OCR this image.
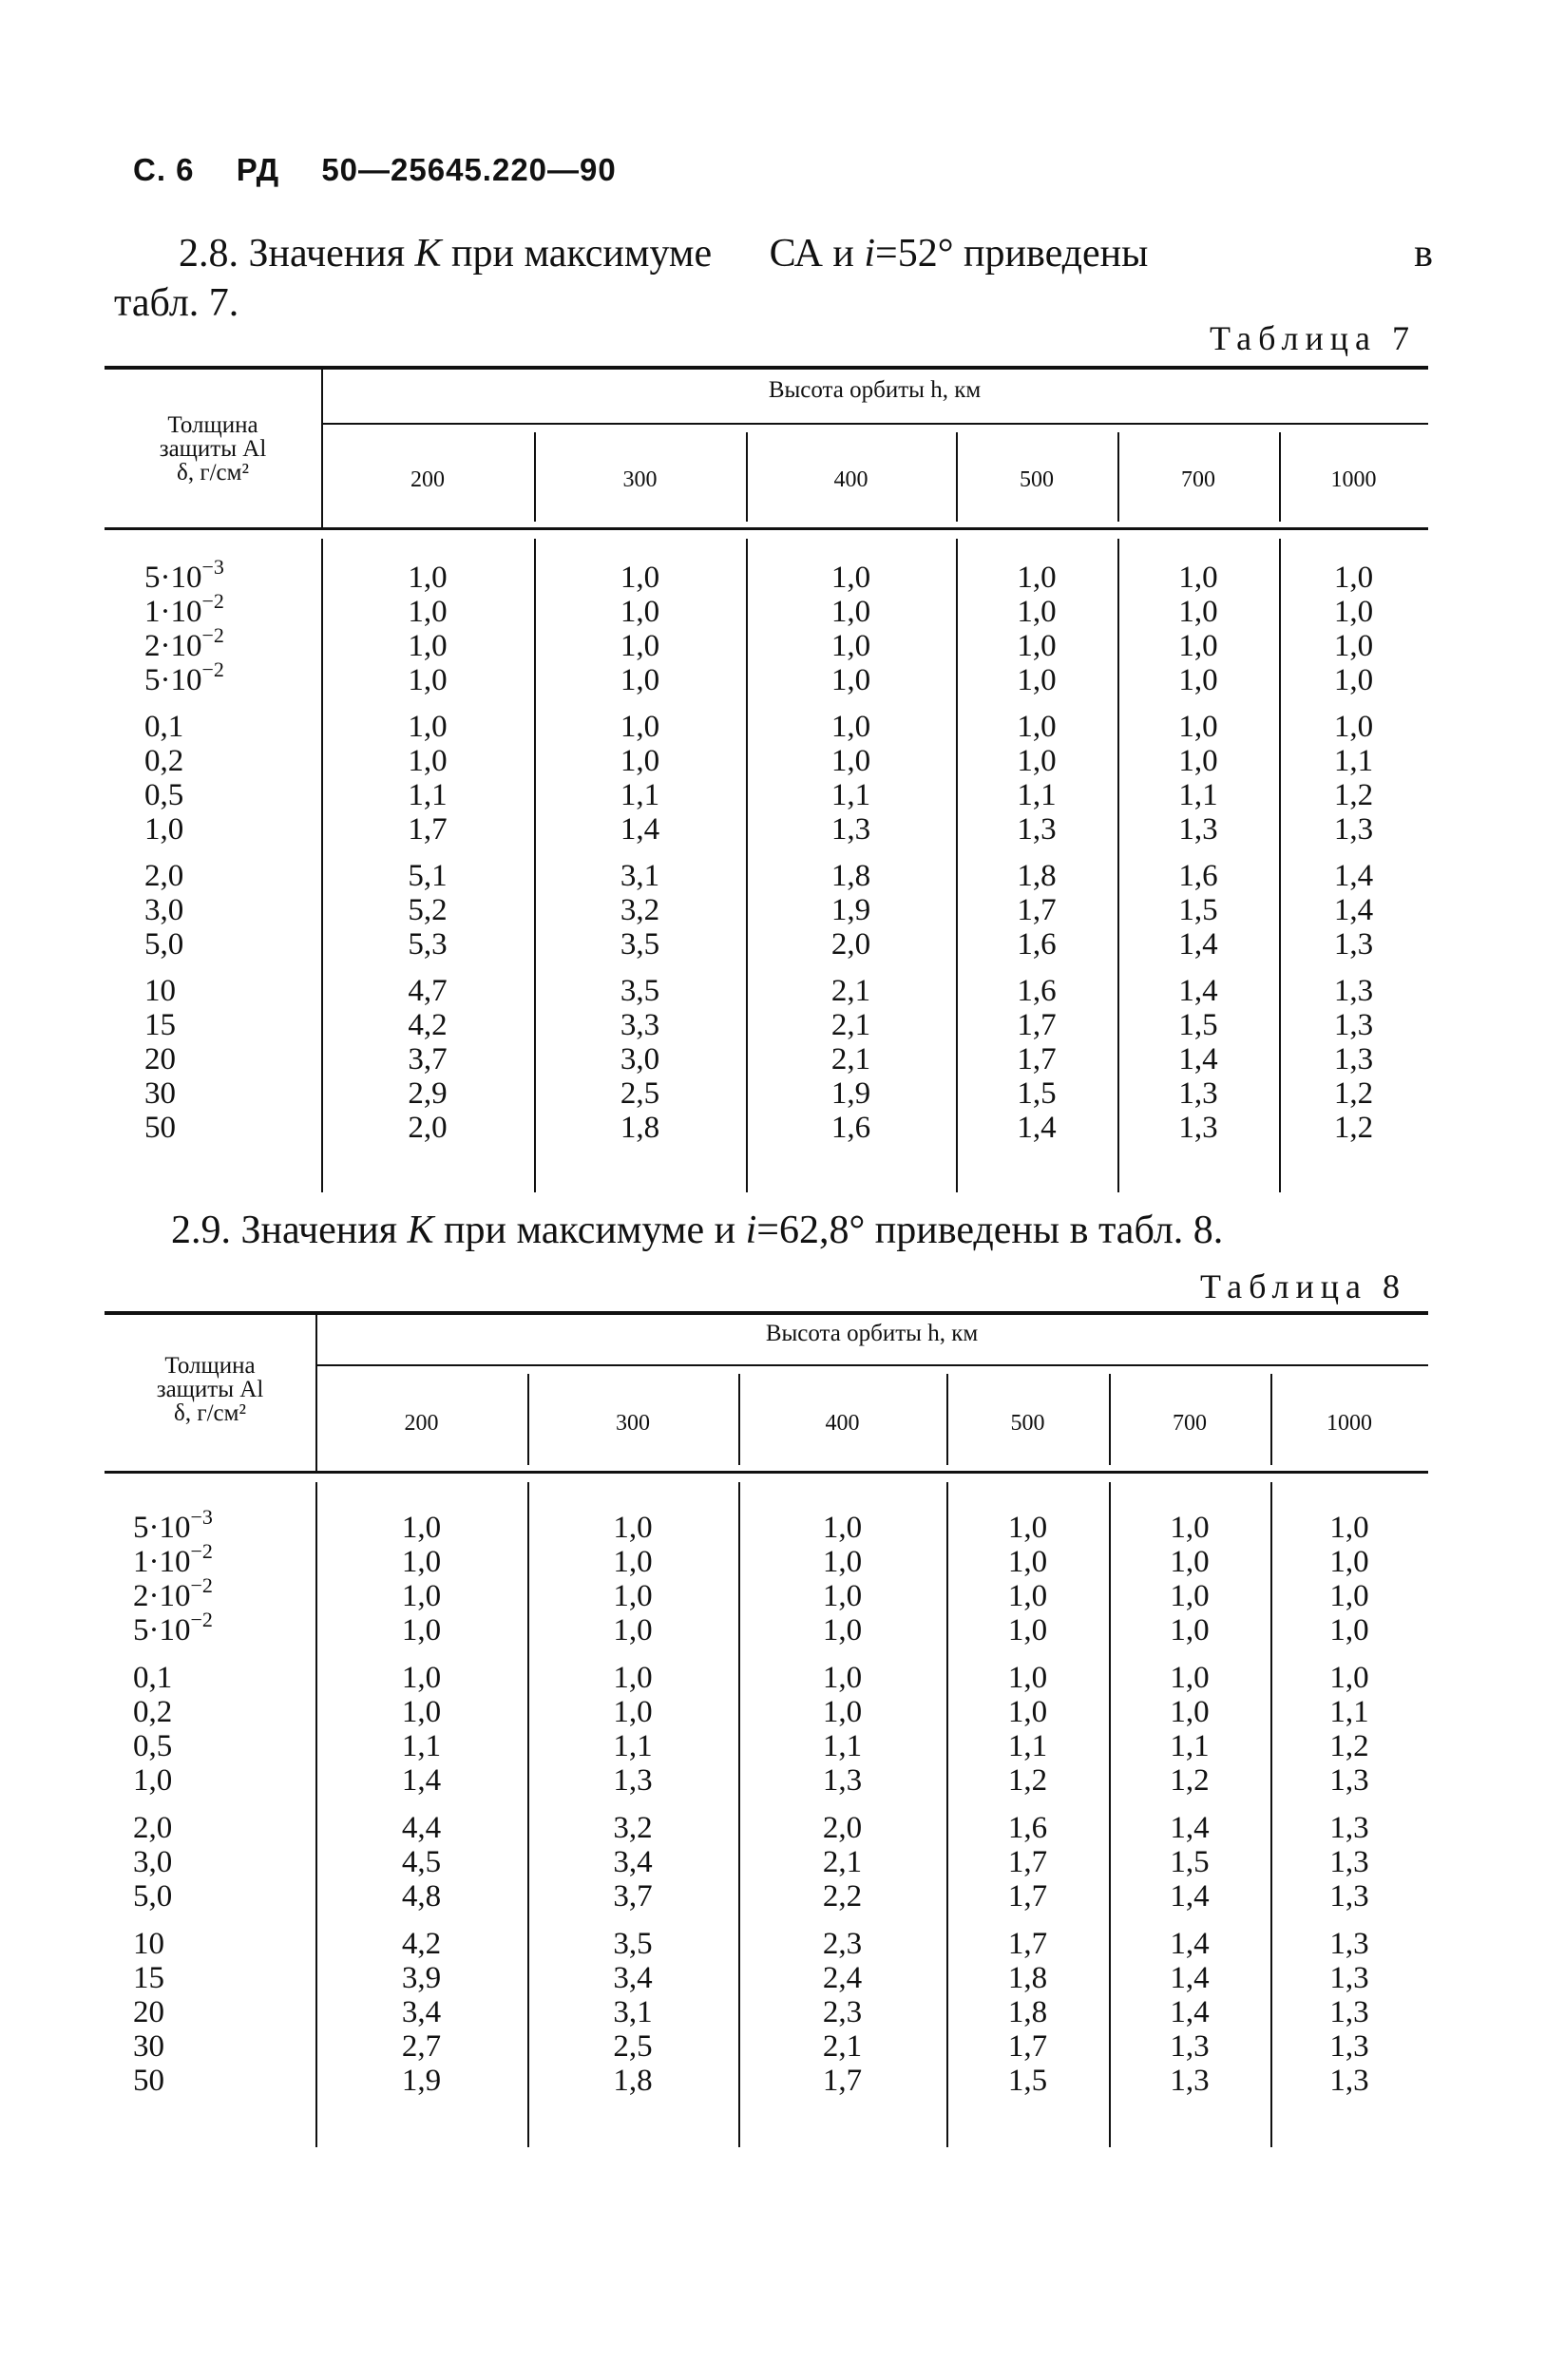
С. 6 РД 50—25645.220—90
2.8. Значения K при максимуме СА и i=52° приведены	в
табл. 7.
Таблица 7
Толщина
защиты Al
δ, г/см²
Высота орбиты h, км
200	300	400	500	700	1000
$5\cdot 10^{-3}$	1,0	1,0	1,0	1,0	1,0	1,0
$1\cdot 10^{-2}$	1,0	1,0	1,0	1,0	1,0	1,0
$2\cdot 10^{-2}$	1,0	1,0	1,0	1,0	1,0	1,0
$5\cdot 10^{-2}$	1,0	1,0	1,0	1,0	1,0	1,0
0,1	1,0	1,0	1,0	1,0	1,0	1,0
0,2	1,0	1,0	1,0	1,0	1,0	1,1
0,5	1,1	1,1	1,1	1,1	1,1	1,2
1,0	1,7	1,4	1,3	1,3	1,3	1,3
2,0	5,1	3,1	1,8	1,8	1,6	1,4
3,0	5,2	3,2	1,9	1,7	1,5	1,4
5,0	5,3	3,5	2,0	1,6	1,4	1,3
10	4,7	3,5	2,1	1,6	1,4	1,3
15	4,2	3,3	2,1	1,7	1,5	1,3
20	3,7	3,0	2,1	1,7	1,4	1,3
30	2,9	2,5	1,9	1,5	1,3	1,2
50	2,0	1,8	1,6	1,4	1,3	1,2
2.9. Значения K при максимуме и i=62,8° приведены в табл. 8.
Таблица 8
Толщина
защиты Al
δ, г/см²
Высота орбиты h, км
200	300	400	500	700	1000
$5\cdot 10^{-3}$	1,0	1,0	1,0	1,0	1,0	1,0
$1\cdot 10^{-2}$	1,0	1,0	1,0	1,0	1,0	1,0
$2\cdot 10^{-2}$	1,0	1,0	1,0	1,0	1,0	1,0
$5\cdot 10^{-2}$	1,0	1,0	1,0	1,0	1,0	1,0
0,1	1,0	1,0	1,0	1,0	1,0	1,0
0,2	1,0	1,0	1,0	1,0	1,0	1,1
0,5	1,1	1,1	1,1	1,1	1,1	1,2
1,0	1,4	1,3	1,3	1,2	1,2	1,3
2,0	4,4	3,2	2,0	1,6	1,4	1,3
3,0	4,5	3,4	2,1	1,7	1,5	1,3
5,0	4,8	3,7	2,2	1,7	1,4	1,3
10	4,2	3,5	2,3	1,7	1,4	1,3
15	3,9	3,4	2,4	1,8	1,4	1,3
20	3,4	3,1	2,3	1,8	1,4	1,3
30	2,7	2,5	2,1	1,7	1,3	1,3
50	1,9	1,8	1,7	1,5	1,3	1,3
